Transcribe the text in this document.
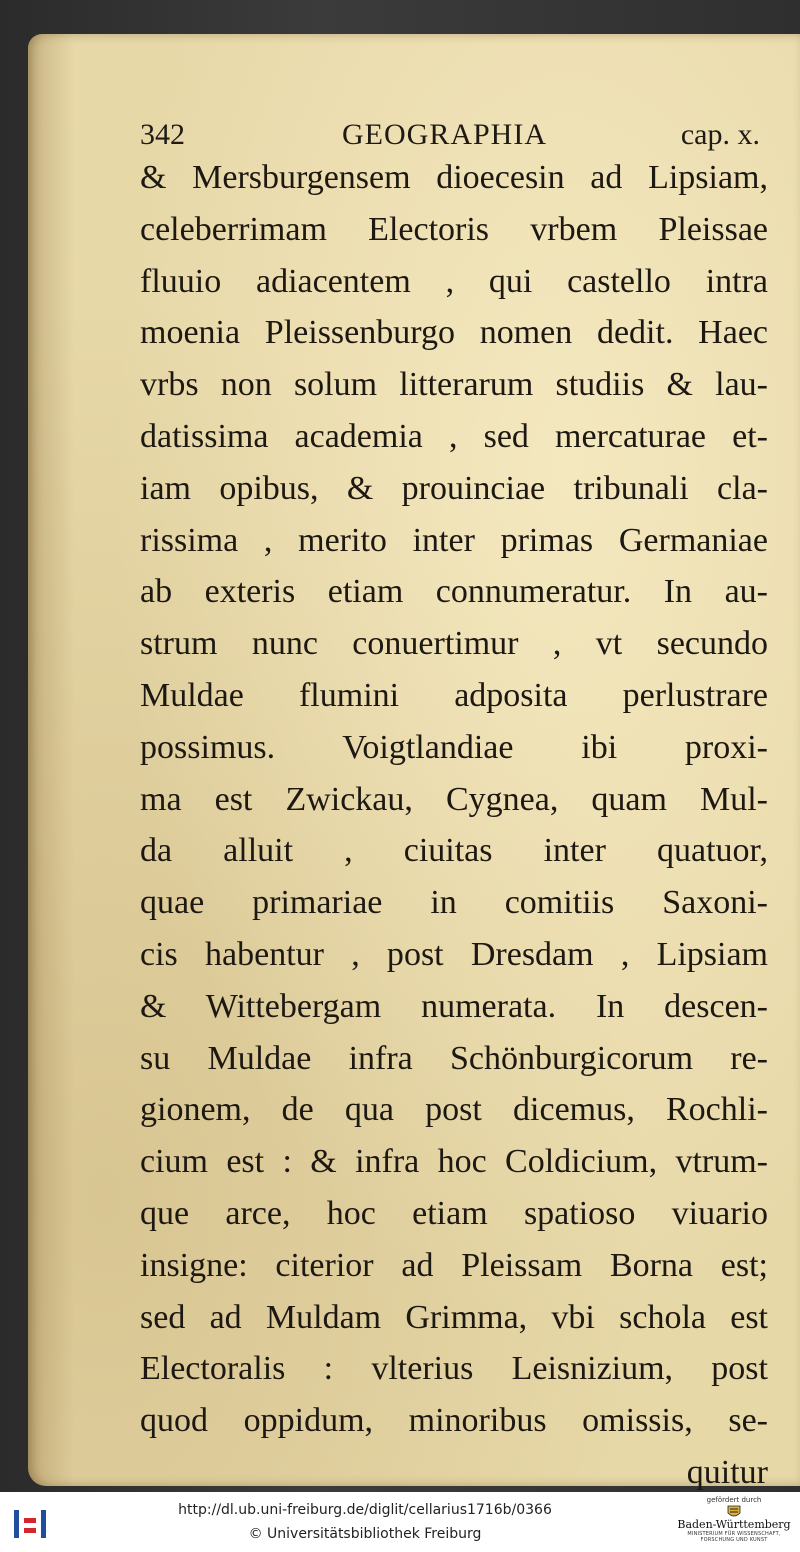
342	GEOGRAPHIA	cap. x.
& Mersburgensem dioecesin ad Lipsiam,
celeberrimam Electoris vrbem Pleissae
fluuio adiacentem , qui castello intra
moenia Pleissenburgo nomen dedit. Haec
vrbs non solum litterarum studiis & lau-
datissima academia , sed mercaturae et-
iam opibus, & prouinciae tribunali cla-
rissima , merito inter primas Germaniae
ab exteris etiam connumeratur. In au-
strum nunc conuertimur , vt secundo
Muldae flumini adposita perlustrare
possimus. Voigtlandiae ibi proxi-
ma est Zwickau, Cygnea, quam Mul-
da alluit , ciuitas inter quatuor,
quae primariae in comitiis Saxoni-
cis habentur , post Dresdam , Lipsiam
& Wittebergam numerata. In descen-
su Muldae infra Schönburgicorum re-
gionem, de qua post dicemus, Rochli-
cium est : & infra hoc Coldicium, vtrum-
que arce, hoc etiam spatioso viuario
insigne: citerior ad Pleissam Borna est;
sed ad Muldam Grimma, vbi schola est
Electoralis : vlterius Leisnizium, post
quod oppidum, minoribus omissis, se-
quitur
http://dl.ub.uni-freiburg.de/diglit/cellarius1716b/0366
© Universitätsbibliothek Freiburg
gefördert durch
Baden-Württemberg
MINISTERIUM FÜR WISSENSCHAFT, FORSCHUNG UND KUNST
